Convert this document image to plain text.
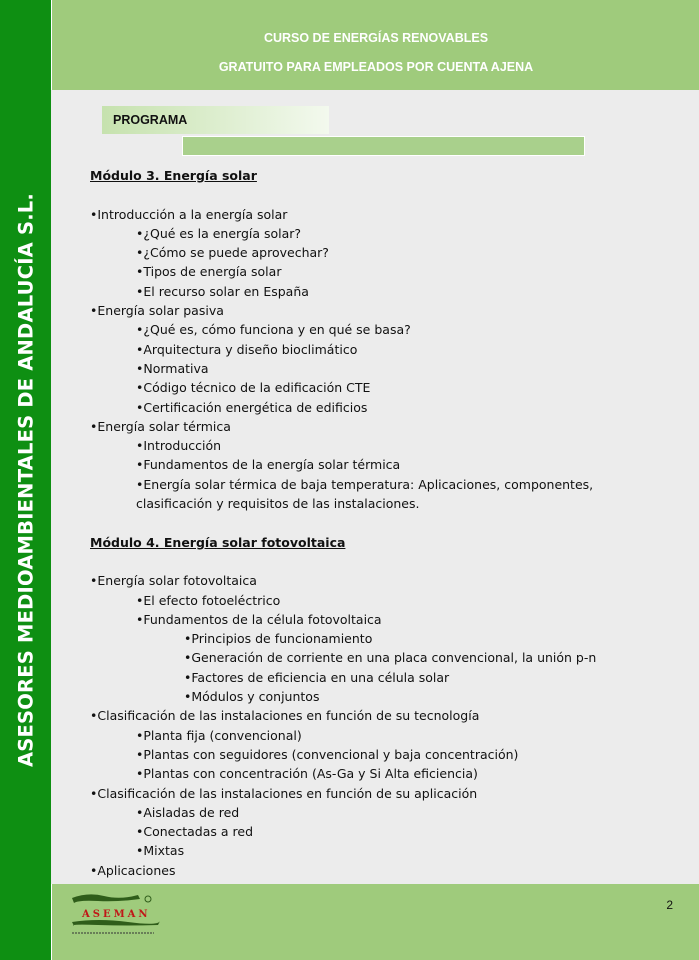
ASESORES MEDIOAMBIENTALES DE ANDALUCÍA S.L.
CURSO DE ENERGÍAS RENOVABLES
GRATUITO PARA EMPLEADOS POR CUENTA AJENA
PROGRAMA
Módulo 3. Energía solar
•Introducción a la energía solar
•¿Qué es la energía solar?
•¿Cómo se puede aprovechar?
•Tipos de energía solar
•El recurso solar en España
•Energía solar pasiva
•¿Qué es, cómo funciona y en qué se basa?
•Arquitectura y diseño bioclimático
•Normativa
•Código técnico de la edificación CTE
•Certificación energética de edificios
•Energía solar térmica
•Introducción
•Fundamentos de la energía solar térmica
•Energía solar térmica de baja temperatura: Aplicaciones, componentes, clasificación y requisitos de las instalaciones.
Módulo 4. Energía solar fotovoltaica
•Energía solar fotovoltaica
•El efecto fotoeléctrico
•Fundamentos de la célula fotovoltaica
•Principios de funcionamiento
•Generación de corriente en una placa convencional, la unión p-n
•Factores de eficiencia en una célula solar
•Módulos y conjuntos
•Clasificación de las instalaciones en función de su tecnología
•Planta fija (convencional)
•Plantas con seguidores (convencional y baja concentración)
•Plantas con concentración (As-Ga y Si Alta eficiencia)
•Clasificación de las instalaciones en función de su aplicación
•Aisladas de red
•Conectadas a red
•Mixtas
•Aplicaciones
ASEMAN
2
